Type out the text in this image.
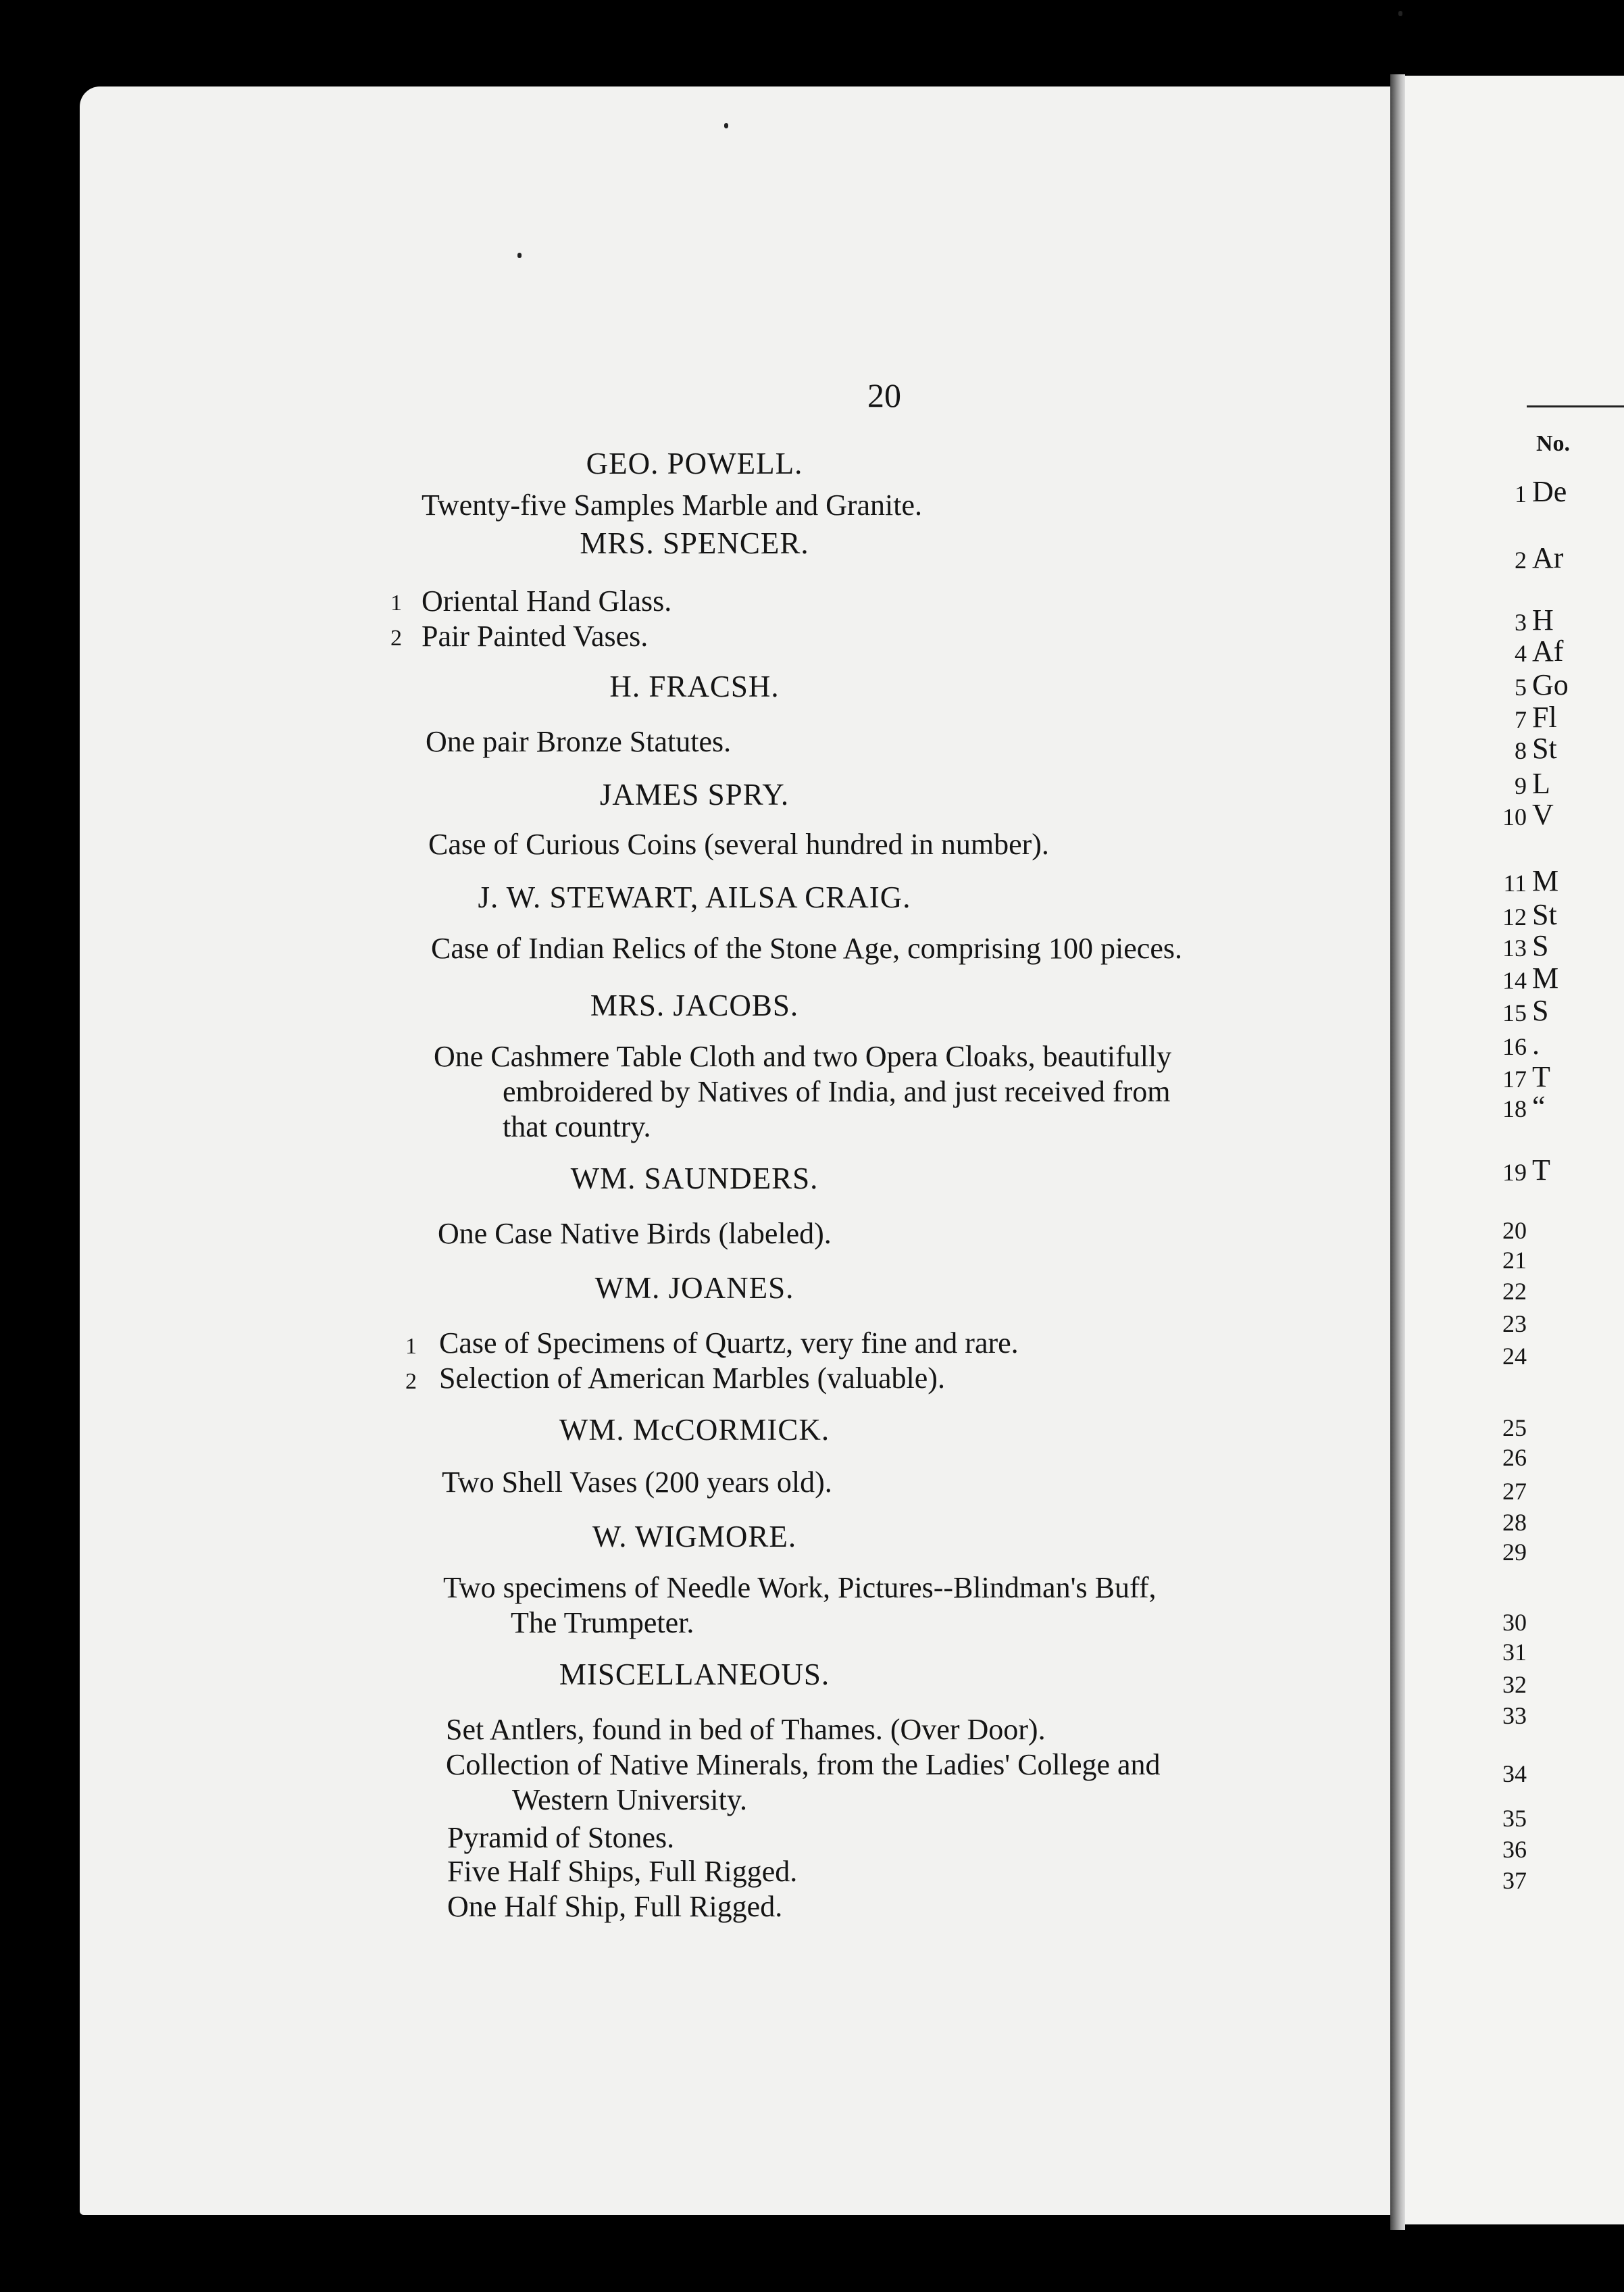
20
GEO. POWELL.
Twenty-five Samples Marble and Granite.
MRS. SPENCER.
1 Oriental Hand Glass.
2 Pair Painted Vases.
H. FRACSH.
One pair Bronze Statutes.
JAMES SPRY.
Case of Curious Coins (several hundred in number).
J. W. STEWART, AILSA CRAIG.
Case of Indian Relics of the Stone Age, comprising 100 pieces.
MRS. JACOBS.
One Cashmere Table Cloth and two Opera Cloaks, beautifully
embroidered by Natives of India, and just received from
that country.
WM. SAUNDERS.
One Case Native Birds (labeled).
WM. JOANES.
1 Case of Specimens of Quartz, very fine and rare.
2 Selection of American Marbles (valuable).
WM. McCORMICK.
Two Shell Vases (200 years old).
W. WIGMORE.
Two specimens of Needle Work, Pictures--Blindman's Buff,
The Trumpeter.
MISCELLANEOUS.
Set Antlers, found in bed of Thames. (Over Door).
Collection of Native Minerals, from the Ladies' College and
Western University.
Pyramid of Stones.
Five Half Ships, Full Rigged.
One Half Ship, Full Rigged.
No.
1 De
2 Ar
3 H
4 Af
5 Go
7 Fl
8 St
9 L
10 V
11 M
12 St
13 S
14 M
15 S
16 .
17 T
18 “
19 T
20
21
22
23
24
25
26
27
28
29
30
31
32
33
34
35
36
37
